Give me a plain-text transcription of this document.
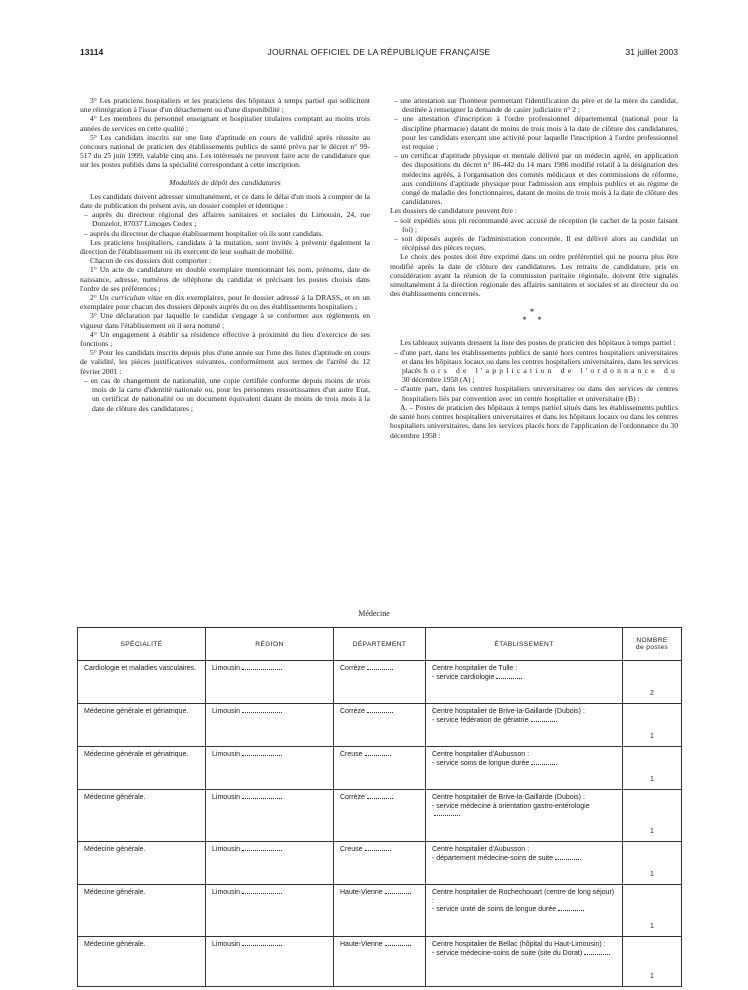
13114	JOURNAL OFFICIEL DE LA RÉPUBLIQUE FRANÇAISE	31 juillet 2003

3° Les praticiens hospitaliers et les praticiens des hôpitaux à temps partiel qui sollicitent une réintégration à l'issue d'un détachement ou d'une disponibilité ;

4° Les membres du personnel enseignant et hospitalier titulaires comptant au moins trois années de services en cette qualité ;

5° Les candidats inscrits sur une liste d'aptitude en cours de validité après réussite au concours national de praticien des établissements publics de santé prévu par le décret n° 99-517 du 25 juin 1999, valable cinq ans. Les intéressés ne peuvent faire acte de candidature que sur les postes publiés dans la spécialité correspondant à cette inscription.

Modalités de dépôt des candidatures

Les candidats doivent adresser simultanément, et ce dans le délai d'un mois à compter de la date de publication du présent avis, un dossier complet et identique :

– auprès du directeur régional des affaires sanitaires et sociales du Limousin, 24, rue Donzelot, 87037 Limoges Cedex ;

– auprès du directeur de chaque établissement hospitalier où ils sont candidats.

Les praticiens hospitaliers, candidats à la mutation, sont invités à prévenir également la direction de l'établissement où ils exercent de leur souhait de mobilité.

Chacun de ces dossiers doit comporter :

1° Un acte de candidature en double exemplaire mentionnant les nom, prénoms, date de naissance, adresse, numéros de téléphone du candidat et précisant les postes choisis dans l'ordre de ses préférences ;

2° Un curriculum vitae en dix exemplaires, pour le dossier adressé à la DRASS, et en un exemplaire pour chacun des dossiers déposés auprès du ou des établissements hospitaliers ;

3° Une déclaration par laquelle le candidat s'engage à se conformer aux règlements en vigueur dans l'établissement où il sera nommé ;

4° Un engagement à établir sa résidence effective à proximité du lieu d'exercice de ses fonctions ;

5° Pour les candidats inscrits depuis plus d'une année sur l'une des listes d'aptitude en cours de validité, les pièces justificatives suivantes, conformément aux termes de l'arrêté du 12 février 2001 :

– en cas de changement de nationalité, une copie certifiée conforme depuis moins de trois mois de la carte d'identité nationale ou, pour les personnes ressortissantes d'un autre Etat, un certificat de nationalité ou un document équivalent datant de moins de trois mois à la date de clôture des candidatures ;

– une attestation sur l'honneur permettant l'identification du père et de la mère du candidat, destinée à renseigner la demande de casier judiciaire n° 2 ;

– une attestation d'inscription à l'ordre professionnel départemental (national pour la discipline pharmacie) datant de moins de trois mois à la date de clôture des candidatures, pour les candidats exerçant une activité pour laquelle l'inscription à l'ordre professionnel est requise ;

– un certificat d'aptitude physique et mentale délivré par un médecin agréé, en application des dispositions du décret n° 86-442 du 14 mars 1986 modifié relatif à la désignation des médecins agréés, à l'organisation des comités médicaux et des commissions de réforme, aux conditions d'aptitude physique pour l'admission aux emplois publics et au régime de congé de maladie des fonctionnaires, datant de moins de trois mois à la date de clôture des candidatures.

Les dossiers de candidature peuvent être :

– soit expédiés sous pli recommandé avec accusé de réception (le cachet de la poste faisant foi) ;

– soit déposés auprès de l'administration concernée. Il est délivré alors au candidat un récépissé des pièces reçues.

Le choix des postes doit être exprimé dans un ordre préférentiel qui ne pourra plus être modifié après la date de clôture des candidatures. Les retraits de candidature, pris en considération avant la réunion de la commission paritaire régionale, doivent être signalés simultanément à la direction régionale des affaires sanitaires et sociales et au directeur du ou des établissements concernés.

*
* *

Les tableaux suivants dressent la liste des postes de praticien des hôpitaux à temps partiel :

– d'une part, dans les établissements publics de santé hors centres hospitaliers universitaires et dans les hôpitaux locaux ou dans les centres hospitaliers universitaires, dans les services placés hors de l'application de l'ordonnance du 30 décembre 1958 (A) ;

– d'autre part, dans les centres hospitaliers universitaires ou dans des services de centres hospitaliers liés par convention avec un centre hospitalier et universitaire (B) :

A. – Postes de praticien des hôpitaux à temps partiel situés dans les établissements publics de santé hors centres hospitaliers universitaires et dans les hôpitaux locaux ou dans les centres hospitaliers universitaires, dans les services placés hors de l'application de l'ordonnance du 30 décembre 1958 :

Médecine
SPÉCIALITÉ	RÉGION	DÉPARTEMENT	ÉTABLISSEMENT	NOMBRE
de postes

Cardiologie et maladies vasculaires.	Limousin	Corrèze	Centre hospitalier de Tulle :
- service cardiologie	2

Médecine générale et gériatrique.	Limousin	Corrèze	Centre hospitalier de Brive-la-Gaillarde (Dubois) :
- service fédération de gériatrie	1

Médecine générale et gériatrique.	Limousin	Creuse	Centre hospitalier d'Aubusson :
- service soins de longue durée	1

Médecine générale.	Limousin	Corrèze	Centre hospitalier de Brive-la-Gaillarde (Dubois) :
- service médecine à orientation gastro-entérologie	1

Médecine générale.	Limousin	Creuse	Centre hospitalier d'Aubusson :
- département médecine-soins de suite	1

Médecine générale.	Limousin	Haute-Vienne	Centre hospitalier de Rochechouart (centre de long séjour) :
- service unité de soins de longue durée	1

Médecine générale.	Limousin	Haute-Vienne	Centre hospitalier de Bellac (hôpital du Haut-Limousin) :
- service médecine-soins de suite (site du Dorat)	1
